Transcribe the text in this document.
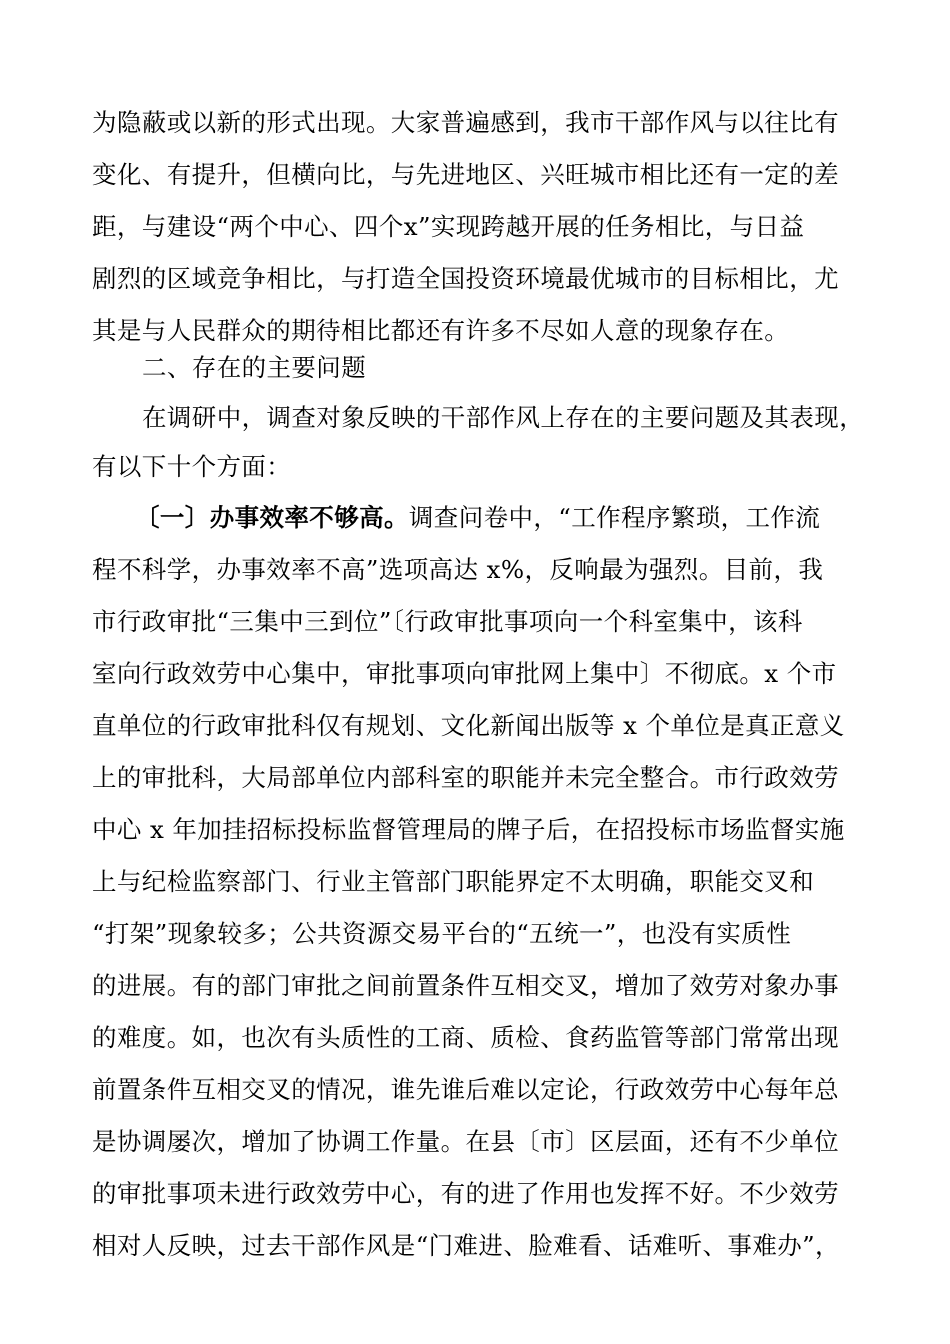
为隐蔽或以新的形式出现。大家普遍感到，我市干部作风与以往比有
变化、有提升，但横向比，与先进地区、兴旺城市相比还有一定的差
距，与建设“两个中心、四个x”实现跨越开展的任务相比，与日益
剧烈的区域竞争相比，与打造全国投资环境最优城市的目标相比，尤
其是与人民群众的期待相比都还有许多不尽如人意的现象存在。
二、存在的主要问题
在调研中，调查对象反映的干部作风上存在的主要问题及其表现，
有以下十个方面：
〔一〕办事效率不够高。调查问卷中，“工作程序繁琐，工作流
程不科学，办事效率不高”选项高达 x%，反响最为强烈。目前，我
市行政审批“三集中三到位”〔行政审批事项向一个科室集中，该科
室向行政效劳中心集中，审批事项向审批网上集中〕不彻底。x 个市
直单位的行政审批科仅有规划、文化新闻出版等 x 个单位是真正意义
上的审批科，大局部单位内部科室的职能并未完全整合。市行政效劳
中心 x 年加挂招标投标监督管理局的牌子后，在招投标市场监督实施
上与纪检监察部门、行业主管部门职能界定不太明确，职能交叉和
“打架”现象较多；公共资源交易平台的“五统一”，也没有实质性
的进展。有的部门审批之间前置条件互相交叉，增加了效劳对象办事
的难度。如，也次有头质性的工商、质检、食药监管等部门常常出现
前置条件互相交叉的情况，谁先谁后难以定论，行政效劳中心每年总
是协调屡次，增加了协调工作量。在县〔市〕区层面，还有不少单位
的审批事项未进行政效劳中心，有的进了作用也发挥不好。不少效劳
相对人反映，过去干部作风是“门难进、脸难看、话难听、事难办”，
